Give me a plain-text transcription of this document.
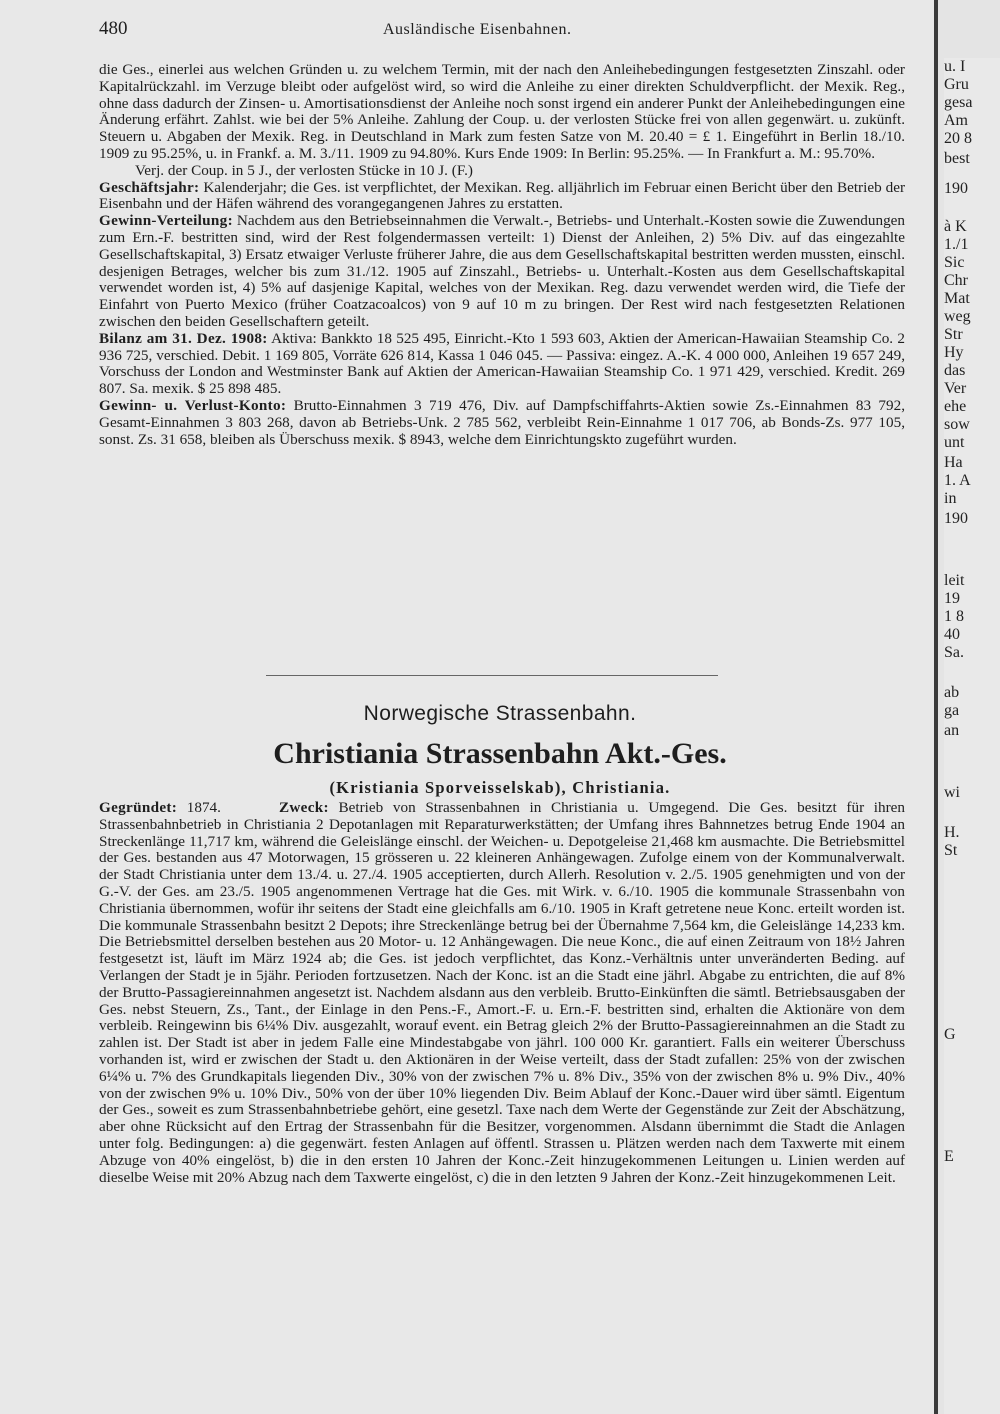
480	Ausländische Eisenbahnen.

die Ges., einerlei aus welchen Gründen u. zu welchem Termin, mit der nach den Anleihebedingungen festgesetzten Zinszahl. oder Kapitalrückzahl. im Verzuge bleibt oder aufgelöst wird, so wird die Anleihe zu einer direkten Schuldverpflicht. der Mexik. Reg., ohne dass dadurch der Zinsen- u. Amortisationsdienst der Anleihe noch sonst irgend ein anderer Punkt der Anleihebedingungen eine Änderung erfährt. Zahlst. wie bei der 5% Anleihe. Zahlung der Coup. u. der verlosten Stücke frei von allen gegenwärt. u. zukünft. Steuern u. Abgaben der Mexik. Reg. in Deutschland in Mark zum festen Satze von M. 20.40 = £ 1. Eingeführt in Berlin 18./10. 1909 zu 95.25%, u. in Frankf. a. M. 3./11. 1909 zu 94.80%. Kurs Ende 1909: In Berlin: 95.25%. — In Frankfurt a. M.: 95.70%.

Verj. der Coup. in 5 J., der verlosten Stücke in 10 J. (F.)

Geschäftsjahr: Kalenderjahr; die Ges. ist verpflichtet, der Mexikan. Reg. alljährlich im Februar einen Bericht über den Betrieb der Eisenbahn und der Häfen während des vorangegangenen Jahres zu erstatten.

Gewinn-Verteilung: Nachdem aus den Betriebseinnahmen die Verwalt.-, Betriebs- und Unterhalt.-Kosten sowie die Zuwendungen zum Ern.-F. bestritten sind, wird der Rest folgendermassen verteilt: 1) Dienst der Anleihen, 2) 5% Div. auf das eingezahlte Gesellschaftskapital, 3) Ersatz etwaiger Verluste früherer Jahre, die aus dem Gesellschaftskapital bestritten werden mussten, einschl. desjenigen Betrages, welcher bis zum 31./12. 1905 auf Zinszahl., Betriebs- u. Unterhalt.-Kosten aus dem Gesellschaftskapital verwendet worden ist, 4) 5% auf dasjenige Kapital, welches von der Mexikan. Reg. dazu verwendet werden wird, die Tiefe der Einfahrt von Puerto Mexico (früher Coatzacoalcos) von 9 auf 10 m zu bringen. Der Rest wird nach festgesetzten Relationen zwischen den beiden Gesellschaftern geteilt.

Bilanz am 31. Dez. 1908: Aktiva: Bankkto 18 525 495, Einricht.-Kto 1 593 603, Aktien der American-Hawaiian Steamship Co. 2 936 725, verschied. Debit. 1 169 805, Vorräte 626 814, Kassa 1 046 045. — Passiva: eingez. A.-K. 4 000 000, Anleihen 19 657 249, Vorschuss der London and Westminster Bank auf Aktien der American-Hawaiian Steamship Co. 1 971 429, verschied. Kredit. 269 807. Sa. mexik. $ 25 898 485.

Gewinn- u. Verlust-Konto: Brutto-Einnahmen 3 719 476, Div. auf Dampfschiffahrts-Aktien sowie Zs.-Einnahmen 83 792, Gesamt-Einnahmen 3 803 268, davon ab Betriebs-Unk. 2 785 562, verbleibt Rein-Einnahme 1 017 706, ab Bonds-Zs. 977 105, sonst. Zs. 31 658, bleiben als Überschuss mexik. $ 8943, welche dem Einrichtungskto zugeführt wurden.

Norwegische Strassenbahn.
Christiania Strassenbahn Akt.-Ges.
(Kristiania Sporveisselskab), Christiania.

Gegründet: 1874.	Zweck: Betrieb von Strassenbahnen in Christiania u. Umgegend. Die Ges. besitzt für ihren Strassenbahnbetrieb in Christiania 2 Depotanlagen mit Reparaturwerkstätten; der Umfang ihres Bahnnetzes betrug Ende 1904 an Streckenlänge 11,717 km, während die Geleislänge einschl. der Weichen- u. Depotgeleise 21,468 km ausmachte. Die Betriebsmittel der Ges. bestanden aus 47 Motorwagen, 15 grösseren u. 22 kleineren Anhängewagen. Zufolge einem von der Kommunalverwalt. der Stadt Christiania unter dem 13./4. u. 27./4. 1905 acceptierten, durch Allerh. Resolution v. 2./5. 1905 genehmigten und von der G.-V. der Ges. am 23./5. 1905 angenommenen Vertrage hat die Ges. mit Wirk. v. 6./10. 1905 die kommunale Strassenbahn von Christiania übernommen, wofür ihr seitens der Stadt eine gleichfalls am 6./10. 1905 in Kraft getretene neue Konc. erteilt worden ist. Die kommunale Strassenbahn besitzt 2 Depots; ihre Streckenlänge betrug bei der Übernahme 7,564 km, die Geleislänge 14,233 km. Die Betriebsmittel derselben bestehen aus 20 Motor- u. 12 Anhängewagen. Die neue Konc., die auf einen Zeitraum von 18½ Jahren festgesetzt ist, läuft im März 1924 ab; die Ges. ist jedoch verpflichtet, das Konz.-Verhältnis unter unveränderten Beding. auf Verlangen der Stadt je in 5jähr. Perioden fortzusetzen. Nach der Konc. ist an die Stadt eine jährl. Abgabe zu entrichten, die auf 8% der Brutto-Passagiereinnahmen angesetzt ist. Nachdem alsdann aus den verbleib. Brutto-Einkünften die sämtl. Betriebsausgaben der Ges. nebst Steuern, Zs., Tant., der Einlage in den Pens.-F., Amort.-F. u. Ern.-F. bestritten sind, erhalten die Aktionäre von dem verbleib. Reingewinn bis 6¼% Div. ausgezahlt, worauf event. ein Betrag gleich 2% der Brutto-Passagiereinnahmen an die Stadt zu zahlen ist. Der Stadt ist aber in jedem Falle eine Mindestabgabe von jährl. 100 000 Kr. garantiert. Falls ein weiterer Überschuss vorhanden ist, wird er zwischen der Stadt u. den Aktionären in der Weise verteilt, dass der Stadt zufallen: 25% von der zwischen 6¼% u. 7% des Grundkapitals liegenden Div., 30% von der zwischen 7% u. 8% Div., 35% von der zwischen 8% u. 9% Div., 40% von der zwischen 9% u. 10% Div., 50% von der über 10% liegenden Div. Beim Ablauf der Konc.-Dauer wird über sämtl. Eigentum der Ges., soweit es zum Strassenbahnbetriebe gehört, eine gesetzl. Taxe nach dem Werte der Gegenstände zur Zeit der Abschätzung, aber ohne Rücksicht auf den Ertrag der Strassenbahn für die Besitzer, vorgenommen. Alsdann übernimmt die Stadt die Anlagen unter folg. Bedingungen: a) die gegenwärt. festen Anlagen auf öffentl. Strassen u. Plätzen werden nach dem Taxwerte mit einem Abzuge von 40% eingelöst, b) die in den ersten 10 Jahren der Konc.-Zeit hinzugekommenen Leitungen u. Linien werden auf dieselbe Weise mit 20% Abzug nach dem Taxwerte eingelöst, c) die in den letzten 9 Jahren der Konz.-Zeit hinzugekommenen Leit.

u. I
Gru
gesa
Am
20 8
best
190
à K
1./1
Sic
Chr
Mat
weg
Str
Hy
das
Ver
ehe
sow
unt
Ha
1. A
in
190
leit
19
1 8
40
Sa.
ab
ga
an
wi
H.
St
G
E
